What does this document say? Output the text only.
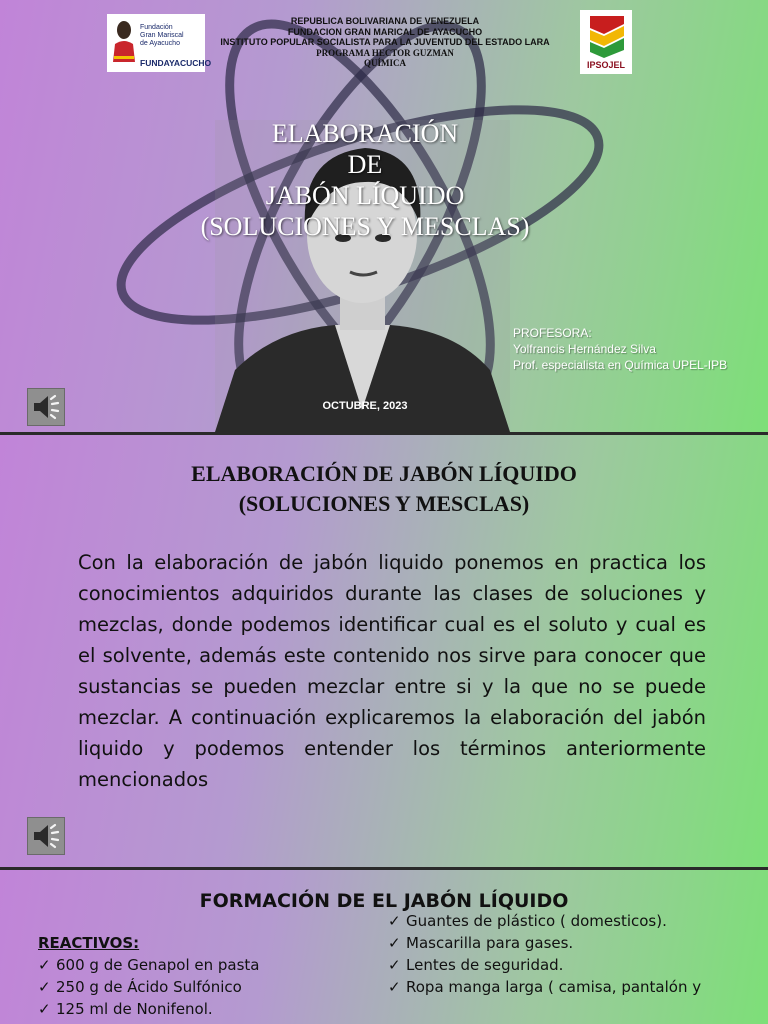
Fundación
Gran Mariscal
de Ayacucho
FUNDAYACUCHO
REPUBLICA BOLIVARIANA DE VENEZUELA
FUNDACION GRAN MARICAL DE AYACUCHO
INSTITUTO POPULAR SOCIALISTA PARA LA JUVENTUD DEL ESTADO LARA
PROGRAMA HECTOR GUZMAN
QUÍMICA	IPSOJEL
ELABORACIÓN
DE
JABÓN LÍQUIDO
(SOLUCIONES Y MESCLAS)
PROFESORA:
Yolfrancis Hernández Silva
Prof. especialista en Química UPEL-IPB
OCTUBRE, 2023
ELABORACIÓN DE JABÓN LÍQUIDO
(SOLUCIONES Y MESCLAS)
Con la elaboración de jabón liquido ponemos en practica los conocimientos adquiridos durante las clases de soluciones y mezclas, donde podemos identificar cual es el soluto y cual es el solvente, además este contenido nos sirve para conocer que sustancias se pueden mezclar entre si y la que no se puede mezclar. A continuación explicaremos la elaboración del jabón liquido y podemos entender los términos anteriormente mencionados
FORMACIÓN DE EL JABÓN LÍQUIDO
REACTIVOS:
✓ 600 g de Genapol en pasta
✓ 250 g de Ácido Sulfónico
✓ 125 ml de Nonifenol.
✓ Guantes de plástico ( domesticos).
✓ Mascarilla para gases.
✓ Lentes de seguridad.
✓ Ropa manga larga ( camisa, pantalón y
